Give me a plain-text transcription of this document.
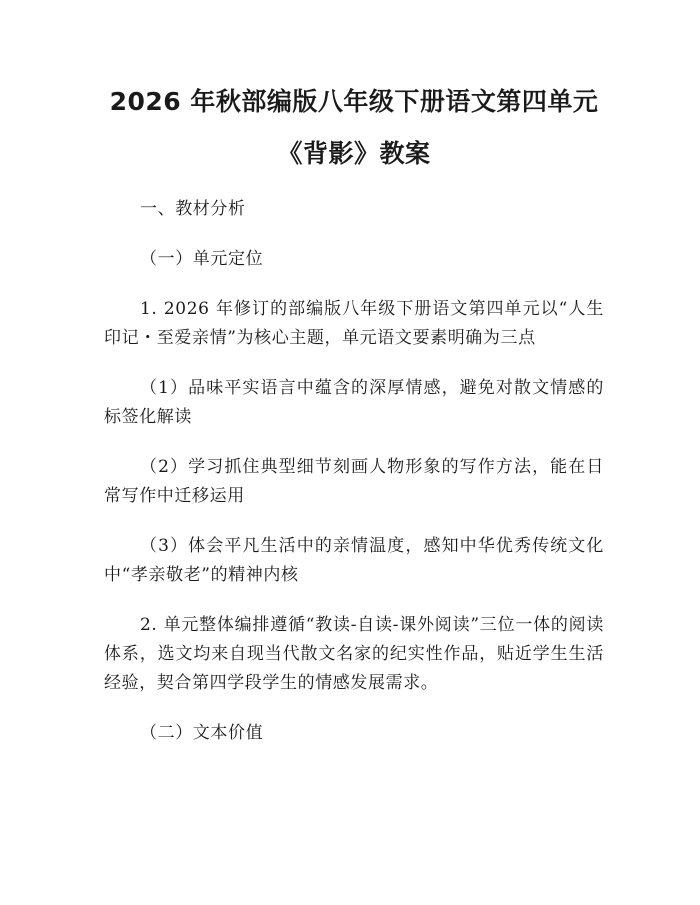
2026 年秋部编版八年级下册语文第四单元
《背影》教案

一、教材分析

（一）单元定位

1. 2026 年修订的部编版八年级下册语文第四单元以“人生印记・至爱亲情”为核心主题，单元语文要素明确为三点

（1）品味平实语言中蕴含的深厚情感，避免对散文情感的标签化解读

（2）学习抓住典型细节刻画人物形象的写作方法，能在日常写作中迁移运用

（3）体会平凡生活中的亲情温度，感知中华优秀传统文化中“孝亲敬老”的精神内核

2. 单元整体编排遵循“教读-自读-课外阅读”三位一体的阅读体系，选文均来自现当代散文名家的纪实性作品，贴近学生生活经验，契合第四学段学生的情感发展需求。

（二）文本价值
